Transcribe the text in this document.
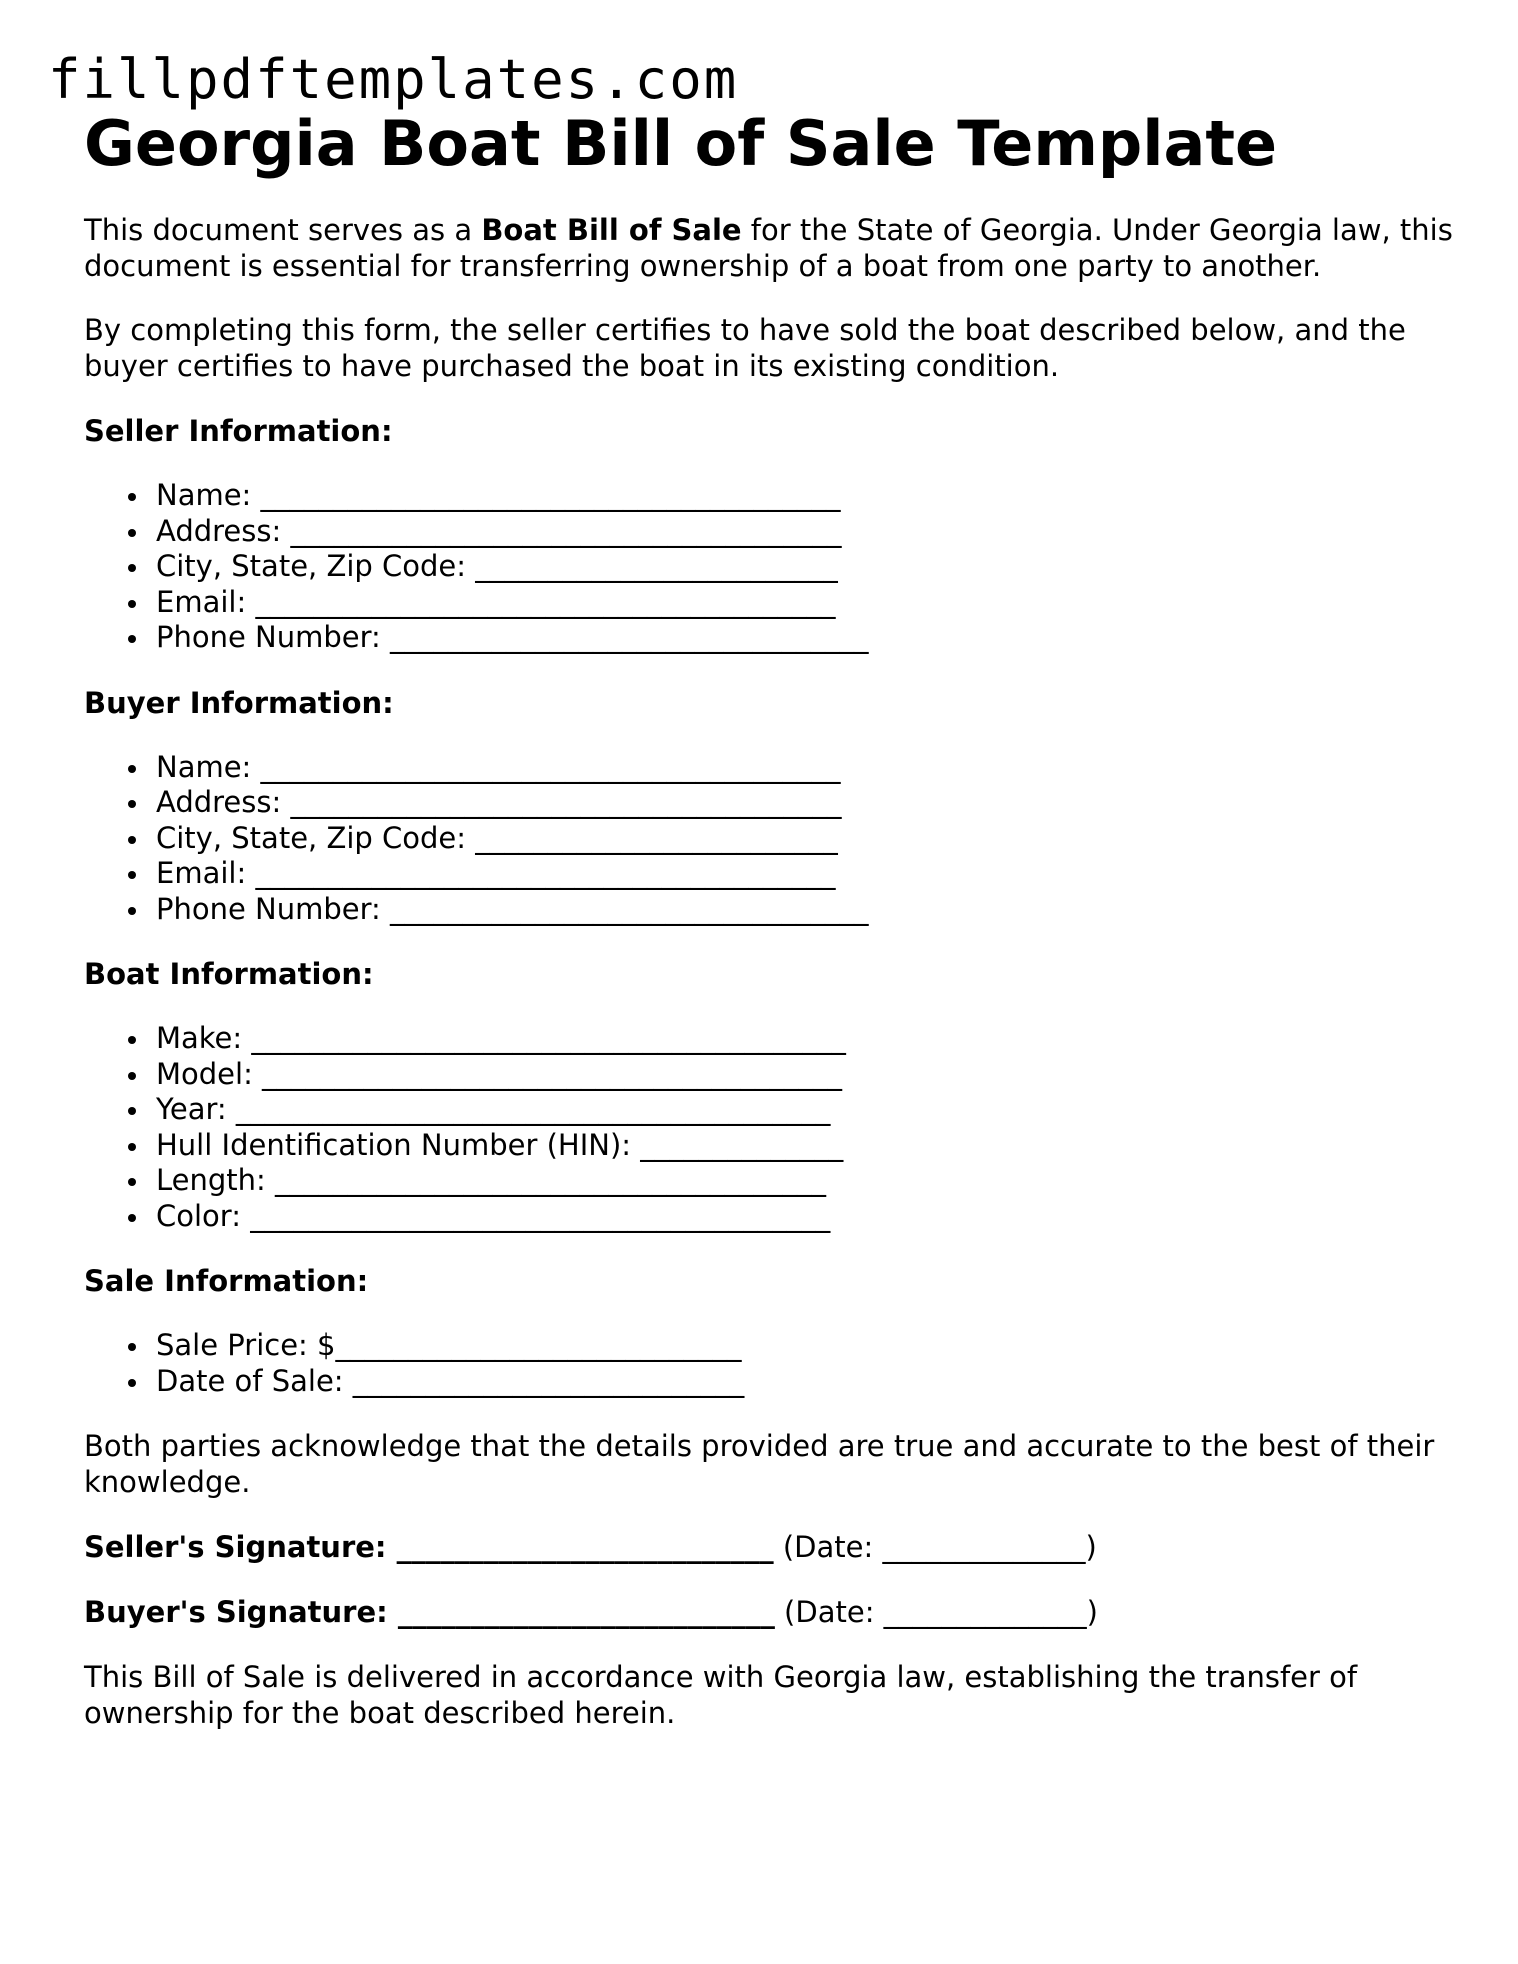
fillpdftemplates.com
Georgia Boat Bill of Sale Template

This document serves as a Boat Bill of Sale for the State of Georgia. Under Georgia law, this document is essential for transferring ownership of a boat from one party to another.

By completing this form, the seller certifies to have sold the boat described below, and the buyer certifies to have purchased the boat in its existing condition.

Seller Information:
Name: ________________________________________
Address: ______________________________________
City, State, Zip Code: _________________________
Email: ________________________________________
Phone Number: _________________________________
Buyer Information:
Name: ________________________________________
Address: ______________________________________
City, State, Zip Code: _________________________
Email: ________________________________________
Phone Number: _________________________________
Boat Information:
Make: _________________________________________
Model: ________________________________________
Year: _________________________________________
Hull Identification Number (HIN): ______________
Length: ______________________________________
Color: ________________________________________
Sale Information:
Sale Price: $____________________________
Date of Sale: ___________________________

Both parties acknowledge that the details provided are true and accurate to the best of their knowledge.

Seller's Signature: __________________________ (Date: ______________)

Buyer's Signature: __________________________ (Date: ______________)

This Bill of Sale is delivered in accordance with Georgia law, establishing the transfer of ownership for the boat described herein.
